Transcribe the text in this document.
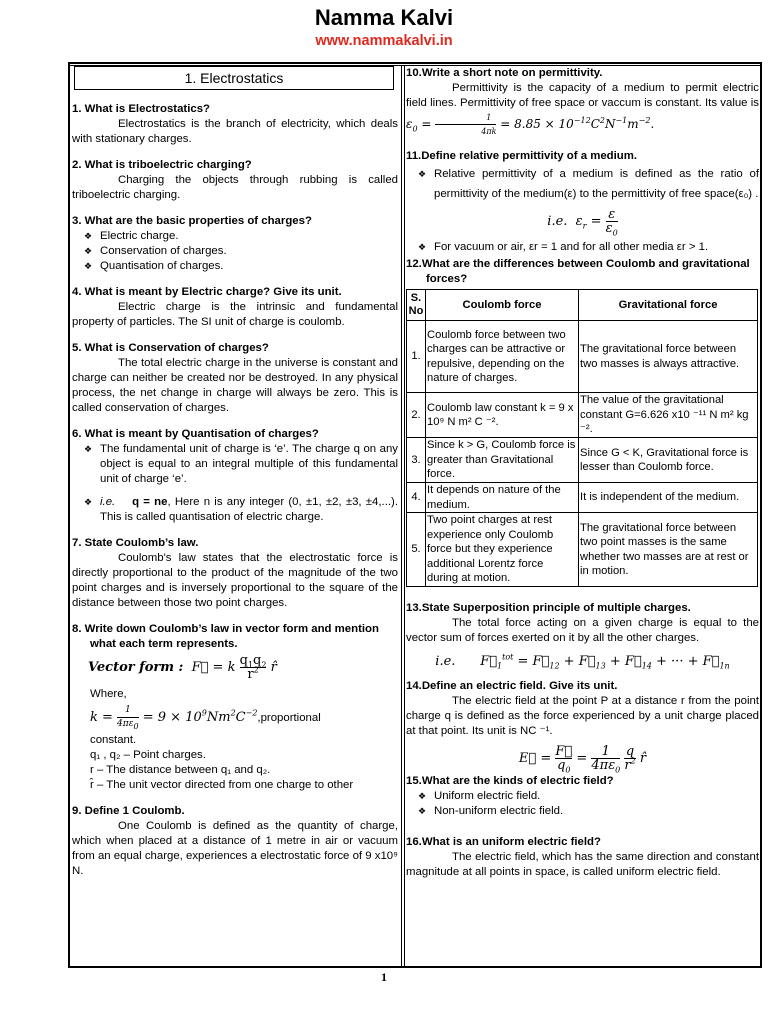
Namma Kalvi
www.nammakalvi.in
1. Electrostatics

1. What is Electrostatics?

Electrostatics is the branch of electricity, which deals with stationary charges.

2. What is triboelectric charging?

Charging the objects through rubbing is called triboelectric charging.

3. What are the basic properties of charges?

❖ Electric charge.
❖ Conservation of charges.
❖ Quantisation of charges.

4. What is meant by Electric charge? Give its unit.

Electric charge is the intrinsic and fundamental property of particles. The SI unit of charge is coulomb.

5. What is Conservation of charges?

The total electric charge in the universe is constant and charge can neither be created nor be destroyed. In any physical process, the net change in charge will always be zero. This is called conservation of charges.

6. What is meant by Quantisation of charges?

❖ The fundamental unit of charge is ‘e’. The charge q on any object is equal to an integral multiple of this fundamental unit of charge ‘e’.
❖ i.e. q = ne, Here n is any integer (0, ±1, ±2, ±3, ±4,...). This is called quantisation of electric charge.

7. State Coulomb’s law.

Coulomb's law states that the electrostatic force is directly proportional to the product of the magnitude of the two point charges and is inversely proportional to the square of the distance between those two point charges.

8. Write down Coulomb’s law in vector form and mention what each term represents.

Vector form :  F⃗ = k $\frac{q_1q_2}{r^2}$ r̂
Where,
$k = \frac{1}{4\pi\varepsilon_0} = 9$ × $10^9Nm^2C^{-2},proportional$
constant.
q₁ , q₂ – Point charges.
r – The distance between q₁ and q₂.
r̂ – The unit vector directed from one charge to other

9. Define 1 Coulomb.

One Coulomb is defined as the quantity of charge, which when placed at a distance of 1 metre in air or vacuum from an equal charge, experiences a electrostatic force of 9 x10⁹ N.

10.Write a short note on permittivity.

Permittivity is the capacity of a medium to permit electric field lines. Permittivity of free space or vaccum is constant. Its value is $\varepsilon_0 = \frac{1}{4\pi k} = 8.85 \times 10^{-12}C^2N^{-1}m^{-2}$.

11.Define relative permittivity of a medium.

❖ Relative permittivity of a medium is defined as the ratio of permittivity of the medium(ε) to the permittivity of free space(ε₀) .
i.e.  $\varepsilon_r = \frac{\varepsilon}{\varepsilon_0}$
❖ For vacuum or air, εr = 1 and for all other media εr > 1.

12.What are the differences between Coulomb and gravitational forces?

S. No	Coulomb force	Gravitational force
1.	Coulomb force between two charges can be attractive or repulsive, depending on the nature of charges.	The gravitational force between two masses is always attractive.
2.	Coulomb law constant k = 9 x 10⁹ N m² C ⁻².	The value of the gravitational constant G=6.626 x10 ⁻¹¹ N m² kg ⁻².
3.	Since k > G, Coulomb force is greater than Gravitational force.	Since G < K, Gravitational force is lesser than Coulomb force.
4.	It depends on nature of the medium.	It is independent of the medium.
5.	Two point charges at rest experience only Coulomb force but they experience additional Lorentz force during at motion.	The gravitational force between two point masses is the same whether two masses are at rest or in motion.

13.State Superposition principle of multiple charges.

The total force acting on a given charge is equal to the vector sum of forces exerted on it by all the other charges.

i.e.      $F⃗_1^{tot}$ = $F⃗_{12}$ + $F⃗_{13}$ + $F⃗_{14}$ + ··· + $F⃗_{1n}$

14.Define an electric field. Give its unit.

The electric field at the point P at a distance r from the point charge q is defined as the force experienced by a unit charge placed at that point. Its unit is NC ⁻¹.

E⃗ = $\frac{F⃗}{q_0} = \frac{1}{4\pi\varepsilon_0}$
$\frac{q}{r^2}$ r̂

15.What are the kinds of electric field?

❖ Uniform electric field.
❖ Non-uniform electric field.

16.What is an uniform electric field?

The electric field, which has the same direction and constant magnitude at all points in space, is called uniform electric field.

1
